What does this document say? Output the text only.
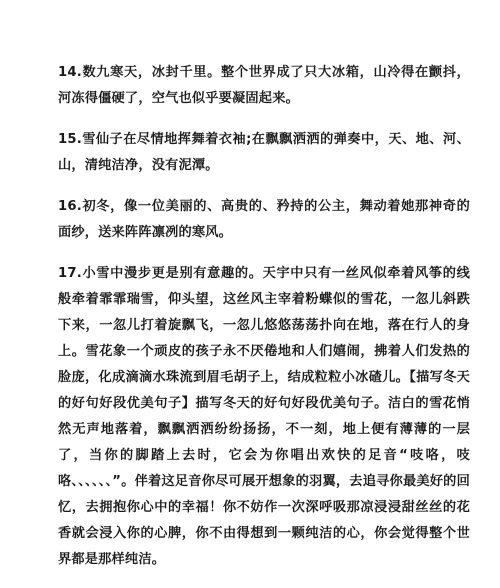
14.数九寒天，冰封千里。整个世界成了只大冰箱，山冷得在颤抖，河冻得僵硬了，空气也似乎要凝固起来。

15.雪仙子在尽情地挥舞着衣袖;在飘飘洒洒的弹奏中，天、地、河、山，清纯洁净，没有泥潭。

16.初冬，像一位美丽的、高贵的、矜持的公主，舞动着她那神奇的面纱，送来阵阵凛冽的寒风。

17.小雪中漫步更是别有意趣的。天宇中只有一丝风似牵着风筝的线般牵着霏霏瑞雪，仰头望，这丝风主宰着粉蝶似的雪花，一忽儿斜跌下来，一忽儿打着旋飘飞，一忽儿悠悠荡荡扑向在地，落在行人的身上。雪花象一个顽皮的孩子永不厌倦地和人们嬉闹，拂着人们发热的脸庞，化成滴滴水珠流到眉毛胡子上，结成粒粒小冰碴儿。【描写冬天的好句好段优美句子】描写冬天的好句好段优美句子。洁白的雪花悄然无声地落着，飘飘洒洒纷纷扬扬，不一刻，地上便有薄薄的一层了，当你的脚踏上去时，它会为你唱出欢快的足音“吱咯，吱咯、、、、、、”。伴着这足音你尽可展开想象的羽翼，去追寻你最美好的回忆，去拥抱你心中的幸福！你不妨作一次深呼吸那凉浸浸甜丝丝的花香就会浸入你的心脾，你不由得想到一颗纯洁的心，你会觉得整个世界都是那样纯洁。
